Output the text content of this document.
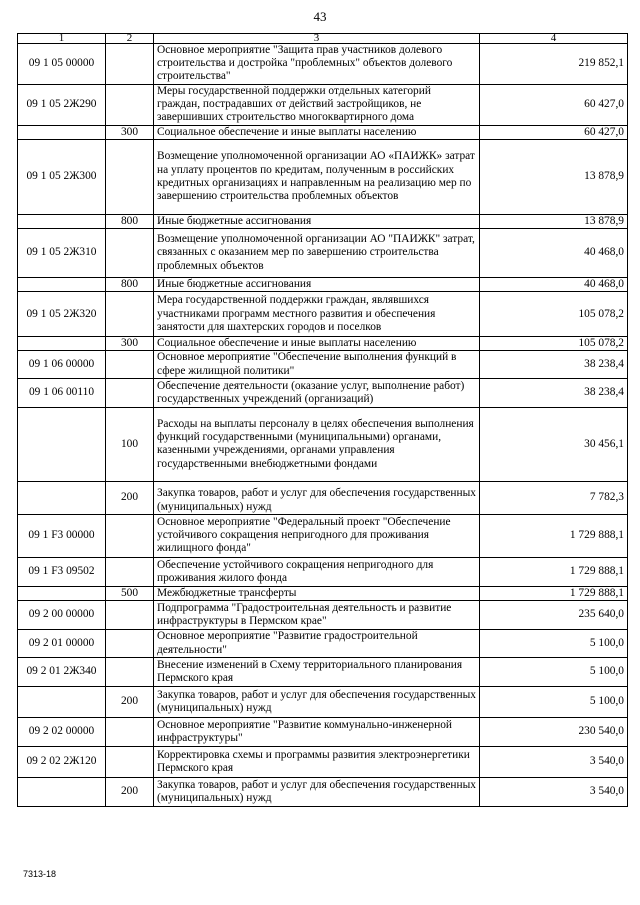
43
1	2	3	4
09 1 05 00000		Основное мероприятие "Защита прав участников долевого строительства и достройка "проблемных" объектов долевого строительства"	219 852,1
09 1 05 2Ж290		Меры государственной поддержки отдельных категорий граждан, пострадавших от действий застройщиков, не завершивших строительство многоквартирного дома	60 427,0
	300	Социальное обеспечение и иные выплаты населению	60 427,0
09 1 05 2Ж300		Возмещение уполномоченной организации АО «ПАИЖК» затрат на уплату процентов по кредитам, полученным в российских кредитных организациях и направленным на реализацию мер по завершению строительства проблемных объектов	13 878,9
	800	Иные бюджетные ассигнования	13 878,9
09 1 05 2Ж310		Возмещение уполномоченной организации АО "ПАИЖК" затрат, связанных с оказанием мер по завершению строительства проблемных объектов	40 468,0
	800	Иные бюджетные ассигнования	40 468,0
09 1 05 2Ж320		Мера государственной поддержки граждан, являвшихся участниками программ местного развития и обеспечения занятости для шахтерских городов и поселков	105 078,2
	300	Социальное обеспечение и иные выплаты населению	105 078,2
09 1 06 00000		Основное мероприятие "Обеспечение выполнения функций в сфере жилищной политики"	38 238,4
09 1 06 00110		Обеспечение деятельности (оказание услуг, выполнение работ) государственных учреждений (организаций)	38 238,4
	100	Расходы на выплаты персоналу в целях обеспечения выполнения функций государственными (муниципальными) органами, казенными учреждениями, органами управления государственными внебюджетными фондами	30 456,1
	200	Закупка товаров, работ и услуг для обеспечения государственных (муниципальных) нужд	7 782,3
09 1 F3 00000		Основное мероприятие "Федеральный проект "Обеспечение устойчивого сокращения непригодного для проживания жилищного фонда"	1 729 888,1
09 1 F3 09502		Обеспечение устойчивого сокращения непригодного для проживания жилого фонда	1 729 888,1
	500	Межбюджетные трансферты	1 729 888,1
09 2 00 00000		Подпрограмма "Градостроительная деятельность и развитие инфраструктуры в Пермском крае"	235 640,0
09 2 01 00000		Основное мероприятие "Развитие градостроительной деятельности"	5 100,0
09 2 01 2Ж340		Внесение изменений в Схему территориального планирования Пермского края	5 100,0
	200	Закупка товаров, работ и услуг для обеспечения государственных (муниципальных) нужд	5 100,0
09 2 02 00000		Основное мероприятие "Развитие коммунально-инженерной инфраструктуры"	230 540,0
09 2 02 2Ж120		Корректировка схемы и программы развития электроэнергетики Пермского края	3 540,0
	200	Закупка товаров, работ и услуг для обеспечения государственных (муниципальных) нужд	3 540,0
7313-18
